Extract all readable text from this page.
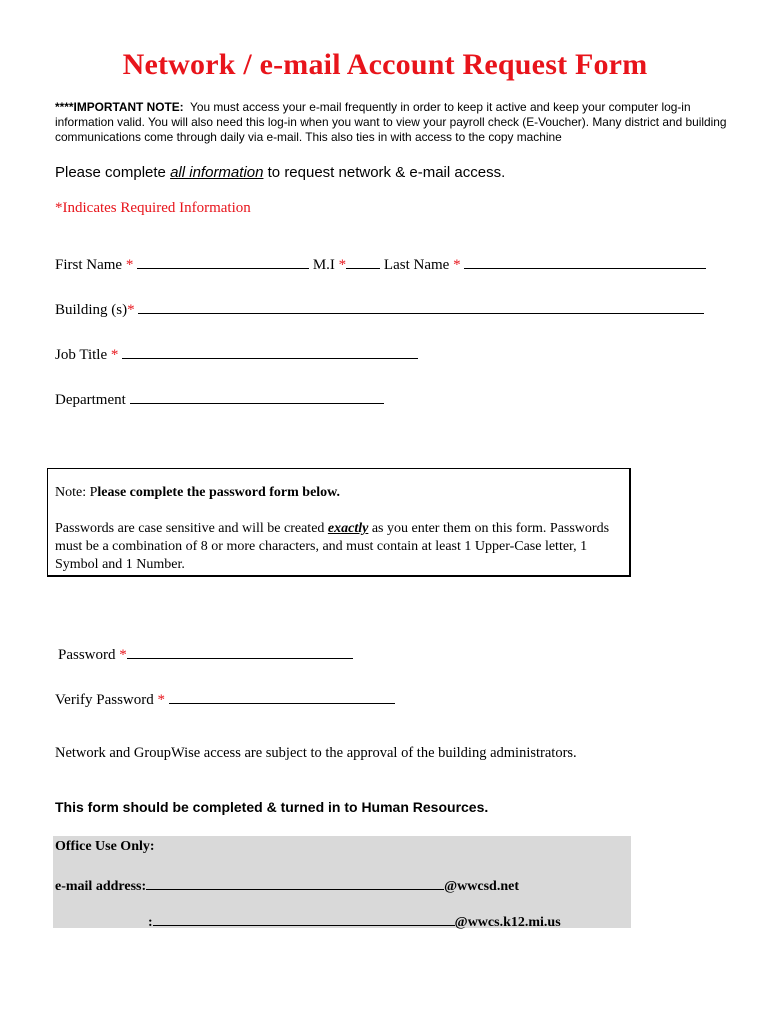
Network / e-mail Account Request Form
****IMPORTANT NOTE: You must access your e-mail frequently in order to keep it active and keep your computer log-in information valid. You will also need this log-in when you want to view your payroll check (E-Voucher). Many district and building communications come through daily via e-mail. This also ties in with access to the copy machine
Please complete all information to request network & e-mail access.
*Indicates Required Information
First Name *	M.I *	Last Name *
Building (s)*
Job Title *
Department
Note: Please complete the password form below.
Passwords are case sensitive and will be created exactly as you enter them on this form. Passwords must be a combination of 8 or more characters, and must contain at least 1 Upper-Case letter, 1 Symbol and 1 Number.
Password *
Verify Password *
Network and GroupWise access are subject to the approval of the building administrators.
This form should be completed & turned in to Human Resources.
Office Use Only:
e-mail address:	@wwcsd.net
:	@wwcs.k12.mi.us
